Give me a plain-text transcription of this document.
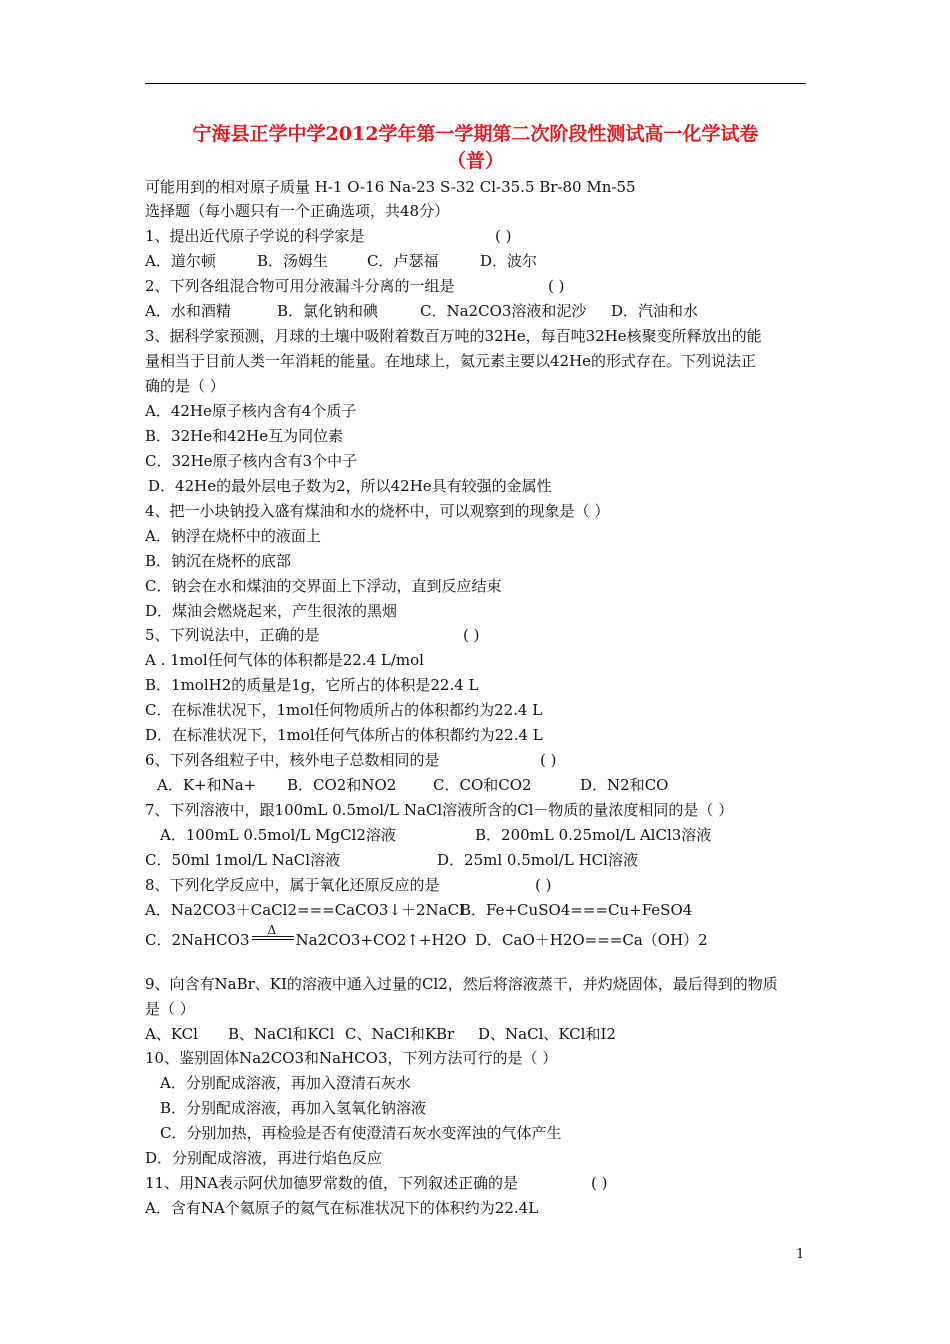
宁海县正学中学2012学年第一学期第二次阶段性测试高一化学试卷
（普）
可能用到的相对原子质量 H-1 O-16 Na-23 S-32 Cl-35.5 Br-80 Mn-55
选择题（每小题只有一个正确选项，共48分）
1、提出近代原子学说的科学家是	( )
A．道尔顿	B．汤姆生	C．卢瑟福	D．波尔
2、下列各组混合物可用分液漏斗分离的一组是	( )
A．水和酒精	B．氯化钠和碘	C．Na2CO3溶液和泥沙 D．汽油和水
3、据科学家预测，月球的土壤中吸附着数百万吨的32He，每百吨32He核聚变所释放出的能
量相当于目前人类一年消耗的能量。在地球上，氦元素主要以42He的形式存在。下列说法正
确的是（ ）
A．42He原子核内含有4个质子
B．32He和42He互为同位素
C．32He原子核内含有3个中子
D．42He的最外层电子数为2，所以42He具有较强的金属性
4、把一小块钠投入盛有煤油和水的烧杯中，可以观察到的现象是（ ）
A．钠浮在烧杯中的液面上
B．钠沉在烧杯的底部
C．钠会在水和煤油的交界面上下浮动，直到反应结束
D．煤油会燃烧起来，产生很浓的黑烟
5、下列说法中，正确的是	( )
A . 1mol任何气体的体积都是22.4 L/mol
B．1molH2的质量是1g，它所占的体积是22.4 L
C．在标准状况下，1mol任何物质所占的体积都约为22.4 L
D．在标准状况下，1mol任何气体所占的体积都约为22.4 L
6、下列各组粒子中，核外电子总数相同的是	( )
A．K+和Na+ B．CO2和NO2 C．CO和CO2	D．N2和CO
7、下列溶液中，跟100mL 0.5mol/L NaCl溶液所含的Cl－物质的量浓度相同的是（ ）
A．100mL 0.5mol/L MgCl2溶液	B．200mL 0.25mol/L AlCl3溶液
C．50ml 1mol/L NaCl溶液	D．25ml 0.5mol/L HCl溶液
8、下列化学反应中，属于氧化还原反应的是	( )
A．Na2CO3＋CaCl2===CaCO3↓＋2NaCl
B．Fe+CuSO4===Cu+FeSO4
C．2NaHCO3
Δ
Na2CO3+CO2↑+H2O D．CaO＋H2O===Ca（OH）2
9、向含有NaBr、KI的溶液中通入过量的Cl2，然后将溶液蒸干，并灼烧固体，最后得到的物质
是（ ）
A、KCl B、NaCl和KCl C、NaCl和KBr D、NaCl、KCl和I2
10、鉴别固体Na2CO3和NaHCO3，下列方法可行的是（ ）
A．分别配成溶液，再加入澄清石灰水
B．分别配成溶液，再加入氢氧化钠溶液
C．分别加热，再检验是否有使澄清石灰水变浑浊的气体产生
D．分别配成溶液，再进行焰色反应
11、用NA表示阿伏加德罗常数的值，下列叙述正确的是	( )
A．含有NA个氦原子的氦气在标准状况下的体积约为22.4L
1
